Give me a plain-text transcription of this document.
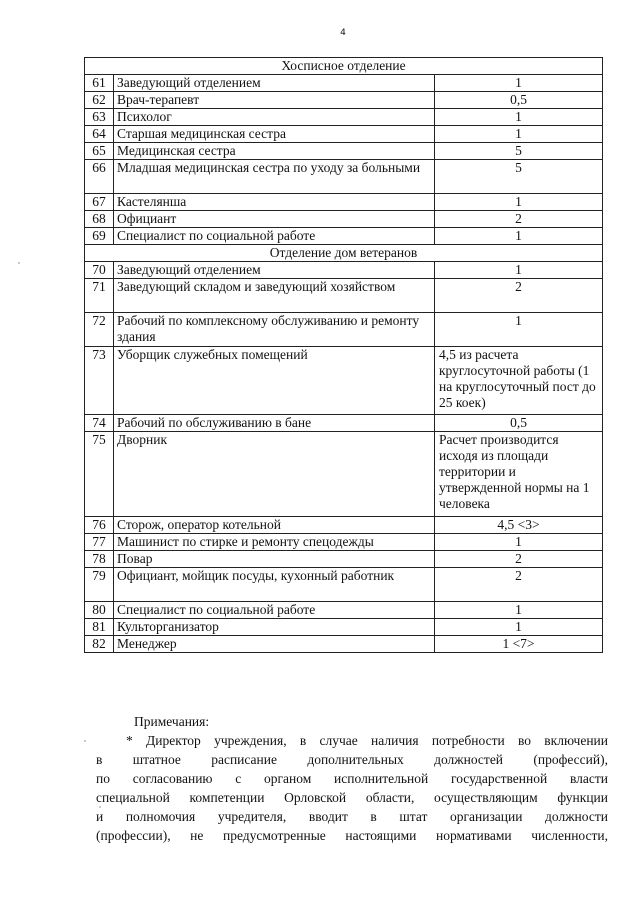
4
Хосписное отделение		
61	Заведующий отделением	1
62	Врач-терапевт	0,5
63	Психолог	1
64	Старшая медицинская сестра	1
65	Медицинская сестра	5
66	Младшая медицинская сестра по уходу за больными	5
67	Кастелянша	1
68	Официант	2
69	Специалист по социальной работе	1
Отделение дом ветеранов		
70	Заведующий отделением	1
71	Заведующий складом и заведующий хозяйством	2
72	Рабочий по комплексному обслуживанию и ремонту здания	1
73	Уборщик служебных помещений	4,5 из расчета круглосуточной работы (1 на круглосуточный пост до 25 коек)
74	Рабочий по обслуживанию в бане	0,5
75	Дворник	Расчет производится исходя из площади территории и утвержденной нормы на 1 человека
76	Сторож, оператор котельной	4,5 <3>
77	Машинист по стирке и ремонту спецодежды	1
78	Повар	2
79	Официант, мойщик посуды, кухонный работник	2
80	Специалист по социальной работе	1
81	Культорганизатор	1
82	Менеджер	1 <7>
Примечания:
* Директор учреждения, в случае наличия потребности во включении
в штатное расписание дополнительных должностей (профессий),
по согласованию с органом исполнительной государственной власти
специальной компетенции Орловской области, осуществляющим функции
и полномочия учредителя, вводит в штат организации должности
(профессии), не предусмотренные настоящими нормативами численности,
